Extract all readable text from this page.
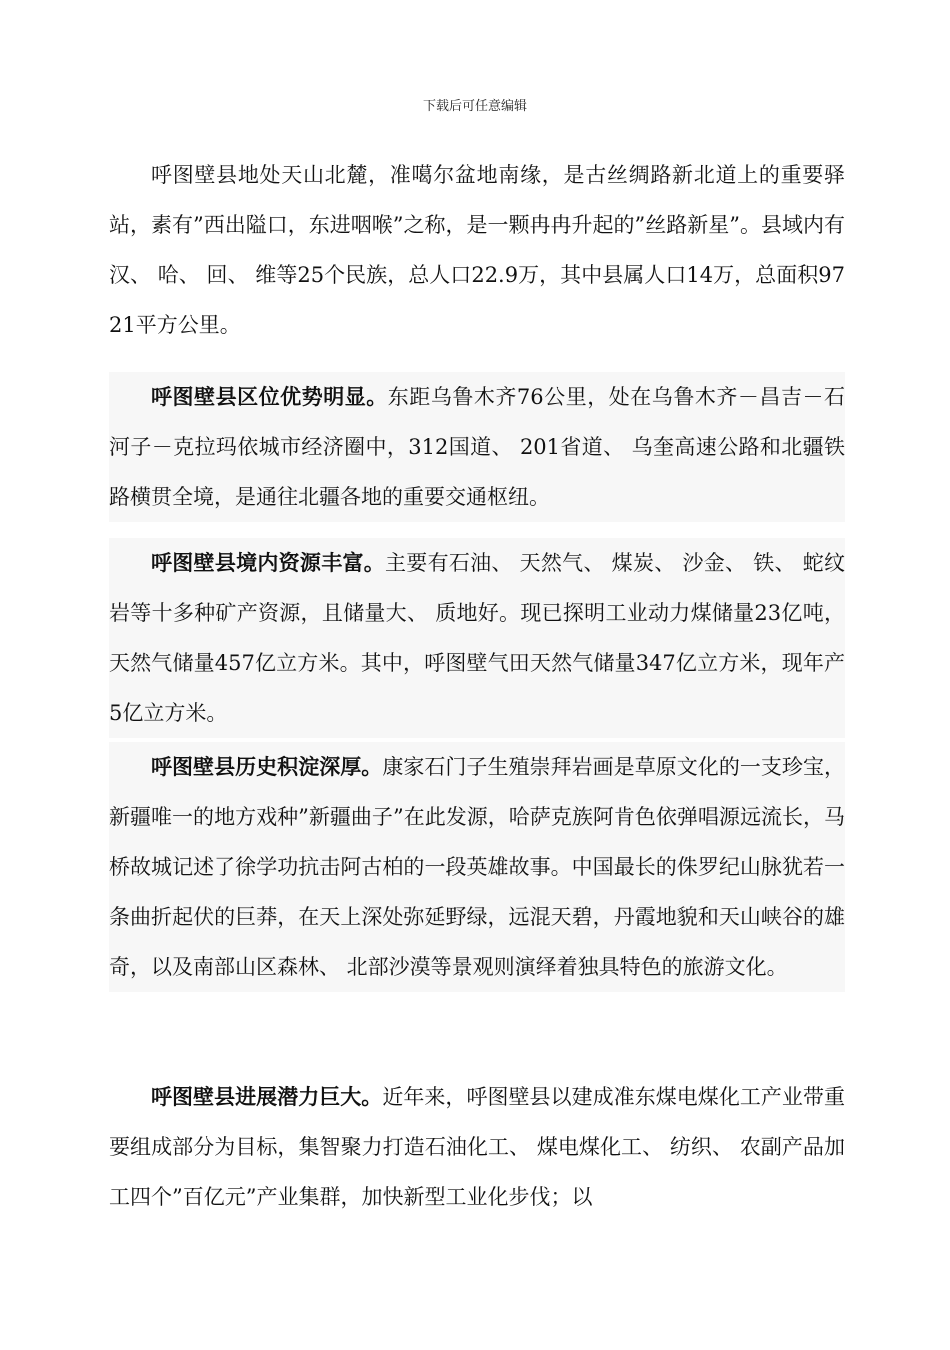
下载后可任意编辑

呼图壁县地处天山北麓，准噶尔盆地南缘，是古丝绸路新北道上的重要驿站，素有”西出隘口，东进咽喉”之称，是一颗冉冉升起的”丝路新星”。县域内有汉、 哈、 回、 维等25个民族，总人口22.9万，其中县属人口14万，总面积9721平方公里。

呼图壁县区位优势明显。东距乌鲁木齐76公里，处在乌鲁木齐－昌吉－石河子－克拉玛依城市经济圈中，312国道、 201省道、 乌奎高速公路和北疆铁路横贯全境，是通往北疆各地的重要交通枢纽。

呼图壁县境内资源丰富。主要有石油、 天然气、 煤炭、 沙金、 铁、 蛇纹岩等十多种矿产资源，且储量大、 质地好。现已探明工业动力煤储量23亿吨，天然气储量457亿立方米。其中，呼图壁气田天然气储量347亿立方米，现年产5亿立方米。

呼图壁县历史积淀深厚。康家石门子生殖崇拜岩画是草原文化的一支珍宝，新疆唯一的地方戏种”新疆曲子”在此发源，哈萨克族阿肯色依弹唱源远流长，马桥故城记述了徐学功抗击阿古柏的一段英雄故事。中国最长的侏罗纪山脉犹若一条曲折起伏的巨莽，在天上深处弥延野绿，远混天碧，丹霞地貌和天山峡谷的雄奇，以及南部山区森林、 北部沙漠等景观则演绎着独具特色的旅游文化。

呼图壁县进展潜力巨大。近年来，呼图壁县以建成准东煤电煤化工产业带重要组成部分为目标，集智聚力打造石油化工、 煤电煤化工、 纺织、 农副产品加工四个”百亿元”产业集群，加快新型工业化步伐；以
